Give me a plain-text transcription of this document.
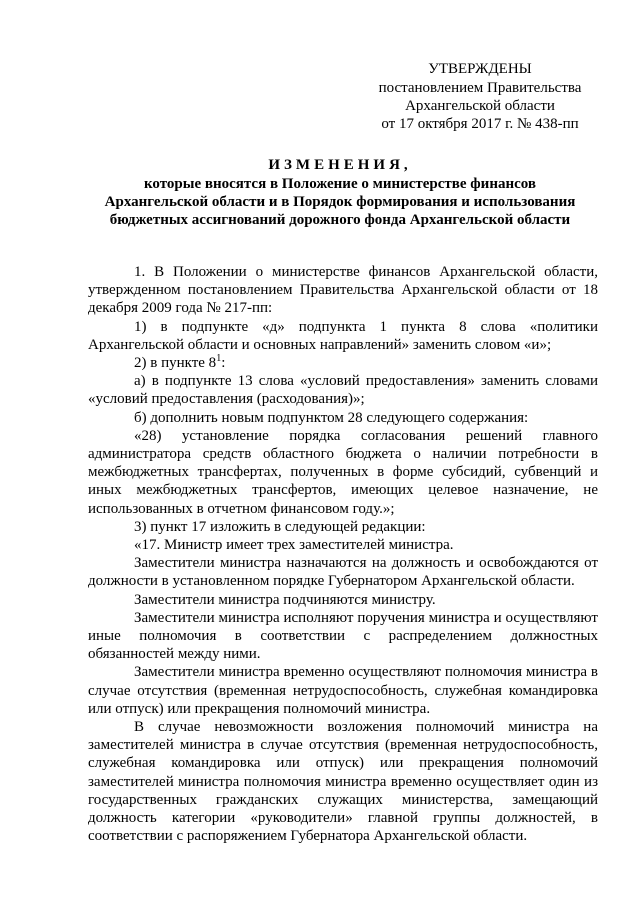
УТВЕРЖДЕНЫ
постановлением Правительства
Архангельской области
от 17 октября 2017 г. № 438-пп
ИЗМЕНЕНИЯ,
которые вносятся в Положение о министерстве финансов
Архангельской области и в Порядок формирования и использования
бюджетных ассигнований дорожного фонда Архангельской области

1. В Положении о министерстве финансов Архангельской области, утвержденном постановлением Правительства Архангельской области от 18 декабря 2009 года № 217-пп:

1) в подпункте «д» подпункта 1 пункта 8 слова «политики Архангельской области и основных направлений» заменить словом «и»;

2) в пункте $8^1$:

а) в подпункте 13 слова «условий предоставления» заменить словами «условий предоставления (расходования)»;

б) дополнить новым подпунктом 28 следующего содержания:

«28) установление порядка согласования решений главного администратора средств областного бюджета о наличии потребности в межбюджетных трансфертах, полученных в форме субсидий, субвенций и иных межбюджетных трансфертов, имеющих целевое назначение, не использованных в отчетном финансовом году.»;

3) пункт 17 изложить в следующей редакции:

«17. Министр имеет трех заместителей министра.

Заместители министра назначаются на должность и освобождаются от должности в установленном порядке Губернатором Архангельской области.

Заместители министра подчиняются министру.

Заместители министра исполняют поручения министра и осуществляют иные полномочия в соответствии с распределением должностных обязанностей между ними.

Заместители министра временно осуществляют полномочия министра в случае отсутствия (временная нетрудоспособность, служебная командировка или отпуск) или прекращения полномочий министра.

В случае невозможности возложения полномочий министра на заместителей министра в случае отсутствия (временная нетрудоспособность, служебная командировка или отпуск) или прекращения полномочий заместителей министра полномочия министра временно осуществляет один из государственных гражданских служащих министерства, замещающий должность категории «руководители» главной группы должностей, в соответствии с распоряжением Губернатора Архангельской области.
